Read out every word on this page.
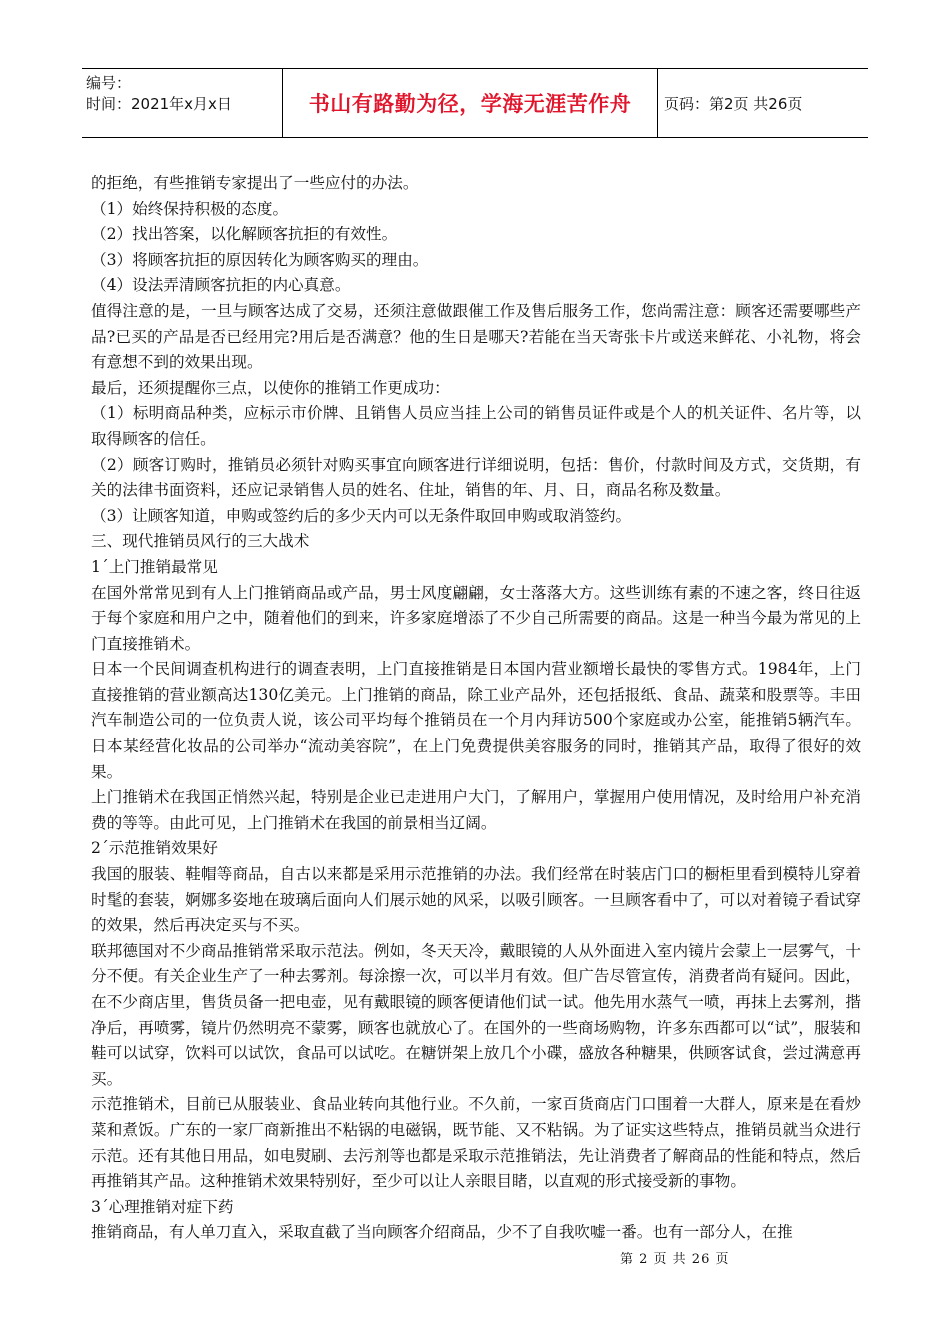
编号：
时间：2021年x月x日	书山有路勤为径，学海无涯苦作舟 页码：第2页 共26页

的拒绝，有些推销专家提出了一些应付的办法。

（1）始终保持积极的态度。

（2）找出答案，以化解顾客抗拒的有效性。

（3）将顾客抗拒的原因转化为顾客购买的理由。

（4）设法弄清顾客抗拒的内心真意。

值得注意的是，一旦与顾客达成了交易，还须注意做跟催工作及售后服务工作，您尚需注意：顾客还需要哪些产品?已买的产品是否已经用完?用后是否满意？他的生日是哪天?若能在当天寄张卡片或送来鲜花、小礼物，将会有意想不到的效果出现。

最后，还须提醒你三点，以使你的推销工作更成功：

（1）标明商品种类，应标示市价牌、且销售人员应当挂上公司的销售员证件或是个人的机关证件、名片等，以取得顾客的信任。

（2）顾客订购时，推销员必须针对购买事宜向顾客进行详细说明，包括：售价，付款时间及方式，交货期，有关的法律书面资料，还应记录销售人员的姓名、住址，销售的年、月、日，商品名称及数量。

（3）让顾客知道，申购或签约后的多少天内可以无条件取回申购或取消签约。

三、现代推销员风行的三大战术

1´上门推销最常见

在国外常常见到有人上门推销商品或产品，男士风度翩翩，女士落落大方。这些训练有素的不速之客，终日往返于每个家庭和用户之中，随着他们的到来，许多家庭增添了不少自己所需要的商品。这是一种当今最为常见的上门直接推销术。

日本一个民间调查机构进行的调查表明，上门直接推销是日本国内营业额增长最快的零售方式。1984年，上门直接推销的营业额高达130亿美元。上门推销的商品，除工业产品外，还包括报纸、食品、蔬菜和股票等。丰田汽车制造公司的一位负责人说，该公司平均每个推销员在一个月内拜访500个家庭或办公室，能推销5辆汽车。日本某经营化妆品的公司举办“流动美容院”，在上门免费提供美容服务的同时，推销其产品，取得了很好的效果。

上门推销术在我国正悄然兴起，特别是企业已走进用户大门，了解用户，掌握用户使用情况，及时给用户补充消费的等等。由此可见，上门推销术在我国的前景相当辽阔。

2´示范推销效果好

我国的服装、鞋帽等商品，自古以来都是采用示范推销的办法。我们经常在时装店门口的橱柜里看到模特儿穿着时髦的套装，婀娜多姿地在玻璃后面向人们展示她的风采，以吸引顾客。一旦顾客看中了，可以对着镜子看试穿的效果，然后再决定买与不买。

联邦德国对不少商品推销常采取示范法。例如，冬天天冷，戴眼镜的人从外面进入室内镜片会蒙上一层雾气，十分不便。有关企业生产了一种去雾剂。每涂擦一次，可以半月有效。但广告尽管宣传，消费者尚有疑问。因此，在不少商店里，售货员备一把电壶，见有戴眼镜的顾客便请他们试一试。他先用水蒸气一喷，再抹上去雾剂，揩净后，再喷雾，镜片仍然明亮不蒙雾，顾客也就放心了。在国外的一些商场购物，许多东西都可以“试”，服装和鞋可以试穿，饮料可以试饮，食品可以试吃。在糖饼架上放几个小碟，盛放各种糖果，供顾客试食，尝过满意再买。

示范推销术，目前已从服装业、食品业转向其他行业。不久前，一家百货商店门口围着一大群人，原来是在看炒菜和煮饭。广东的一家厂商新推出不粘锅的电磁锅，既节能、又不粘锅。为了证实这些特点，推销员就当众进行示范。还有其他日用品，如电熨刷、去污剂等也都是采取示范推销法，先让消费者了解商品的性能和特点，然后再推销其产品。这种推销术效果特别好，至少可以让人亲眼目睹，以直观的形式接受新的事物。

3´心理推销对症下药

推销商品，有人单刀直入，采取直截了当向顾客介绍商品，少不了自我吹嘘一番。也有一部分人，在推

第 2 页 共 26 页
